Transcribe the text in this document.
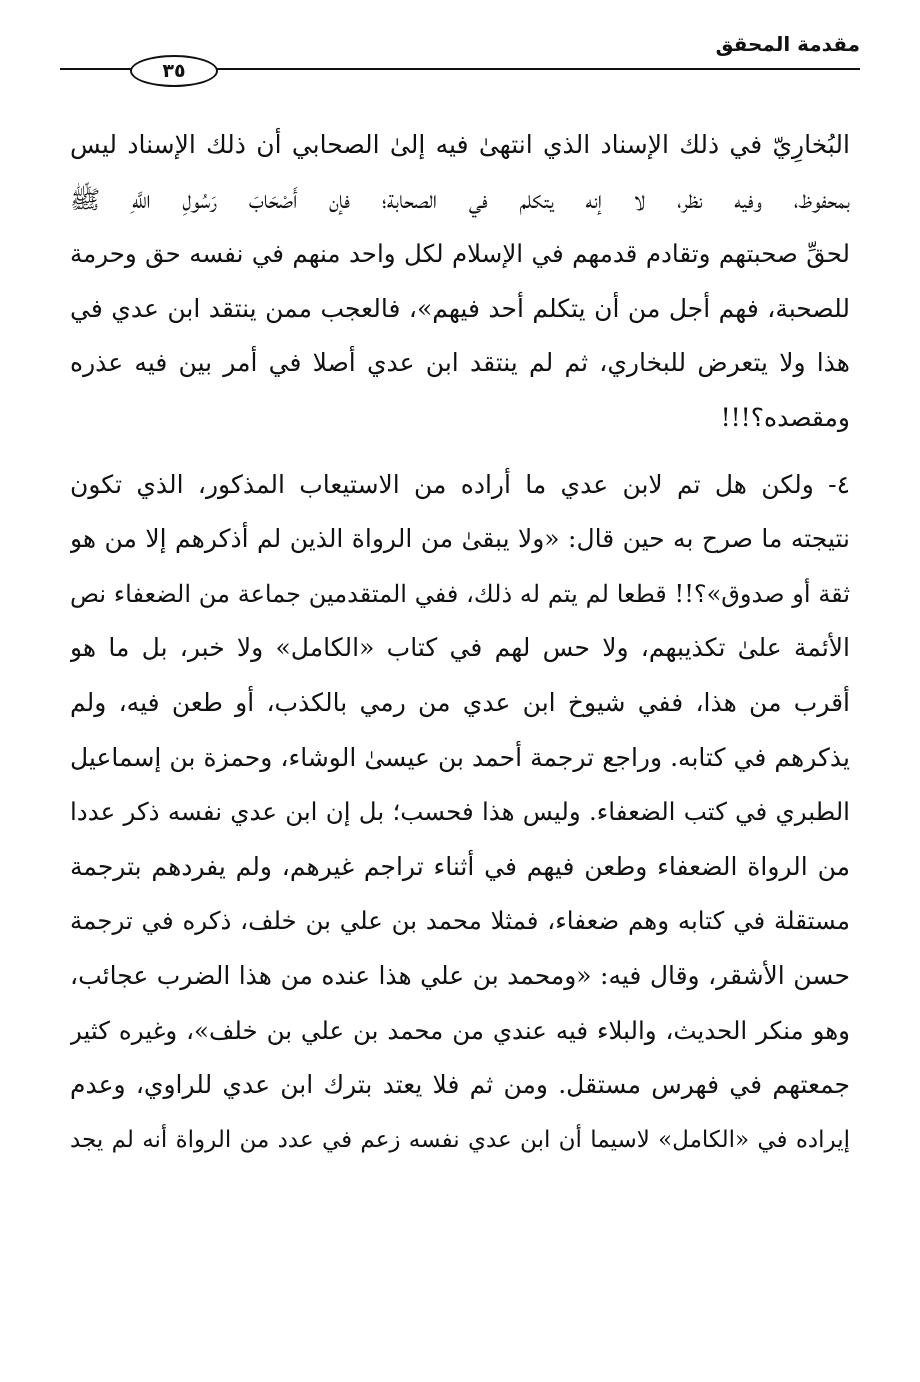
مقدمة المحقق
٣٥
البُخارِيّ في ذلك الإسناد الذي انتهىٰ فيه إلىٰ الصحابي أن ذلك الإسناد ليس
بمحفوظ، وفيه نظر، لا إنه يتكلم في الصحابة؛ فإن أَصْحَابَ رَسُولِ اللَّهِ ﷺ
لحقِّ صحبتهم وتقادم قدمهم في الإسلام لكل واحد منهم في نفسه حق وحرمة
للصحبة، فهم أجل من أن يتكلم أحد فيهم»، فالعجب ممن ينتقد ابن عدي في
هذا ولا يتعرض للبخاري، ثم لم ينتقد ابن عدي أصلا في أمر بين فيه عذره
ومقصده؟!!!
٤- ولكن هل تم لابن عدي ما أراده من الاستيعاب المذكور، الذي تكون
نتيجته ما صرح به حين قال: «ولا يبقىٰ من الرواة الذين لم أذكرهم إلا من هو
ثقة أو صدوق»؟!! قطعا لم يتم له ذلك، ففي المتقدمين جماعة من الضعفاء نص
الأئمة علىٰ تكذيبهم، ولا حس لهم في كتاب «الكامل» ولا خبر، بل ما هو
أقرب من هذا، ففي شيوخ ابن عدي من رمي بالكذب، أو طعن فيه، ولم
يذكرهم في كتابه. وراجع ترجمة أحمد بن عيسىٰ الوشاء، وحمزة بن إسماعيل
الطبري في كتب الضعفاء. وليس هذا فحسب؛ بل إن ابن عدي نفسه ذكر عددا
من الرواة الضعفاء وطعن فيهم في أثناء تراجم غيرهم، ولم يفردهم بترجمة
مستقلة في كتابه وهم ضعفاء، فمثلا محمد بن علي بن خلف، ذكره في ترجمة
حسن الأشقر، وقال فيه: «ومحمد بن علي هذا عنده من هذا الضرب عجائب،
وهو منكر الحديث، والبلاء فيه عندي من محمد بن علي بن خلف»، وغيره كثير
جمعتهم في فهرس مستقل. ومن ثم فلا يعتد بترك ابن عدي للراوي، وعدم
إيراده في «الكامل» لاسيما أن ابن عدي نفسه زعم في عدد من الرواة أنه لم يجد
